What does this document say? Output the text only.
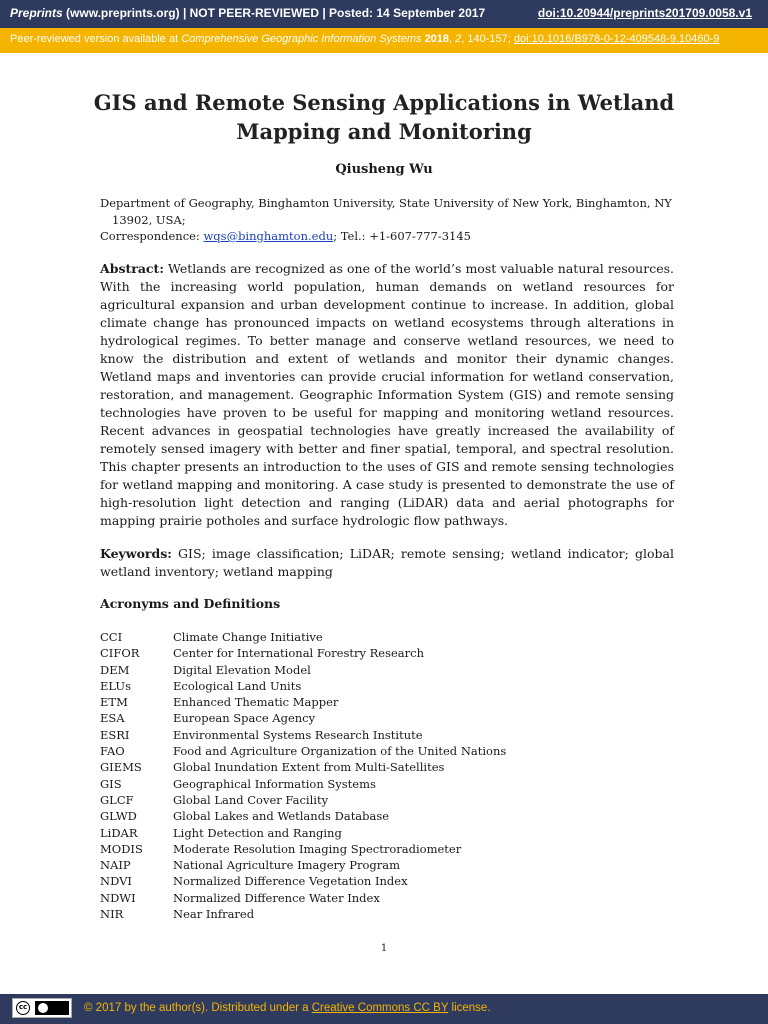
Preprints (www.preprints.org) | NOT PEER-REVIEWED | Posted: 14 September 2017	doi:10.20944/preprints201709.0058.v1
Peer-reviewed version available at Comprehensive Geographic Information Systems 2018, 2, 140-157; doi:10.1016/B978-0-12-409548-9.10460-9
GIS and Remote Sensing Applications in Wetland Mapping and Monitoring
Qiusheng Wu
Department of Geography, Binghamton University, State University of New York, Binghamton, NY
13902, USA;
Correspondence: wqs@binghamton.edu; Tel.: +1-607-777-3145
Abstract: Wetlands are recognized as one of the world’s most valuable natural resources. With the increasing world population, human demands on wetland resources for agricultural expansion and urban development continue to increase. In addition, global climate change has pronounced impacts on wetland ecosystems through alterations in hydrological regimes. To better manage and conserve wetland resources, we need to know the distribution and extent of wetlands and monitor their dynamic changes. Wetland maps and inventories can provide crucial information for wetland conservation, restoration, and management. Geographic Information System (GIS) and remote sensing technologies have proven to be useful for mapping and monitoring wetland resources. Recent advances in geospatial technologies have greatly increased the availability of remotely sensed imagery with better and finer spatial, temporal, and spectral resolution. This chapter presents an introduction to the uses of GIS and remote sensing technologies for wetland mapping and monitoring. A case study is presented to demonstrate the use of high-resolution light detection and ranging (LiDAR) data and aerial photographs for mapping prairie potholes and surface hydrologic flow pathways.
Keywords: GIS; image classification; LiDAR; remote sensing; wetland indicator; global wetland inventory; wetland mapping
Acronyms and Definitions
CCI	Climate Change Initiative
CIFOR	Center for International Forestry Research
DEM	Digital Elevation Model
ELUs	Ecological Land Units
ETM	Enhanced Thematic Mapper
ESA	European Space Agency
ESRI	Environmental Systems Research Institute
FAO	Food and Agriculture Organization of the United Nations
GIEMS	Global Inundation Extent from Multi-Satellites
GIS	Geographical Information Systems
GLCF	Global Land Cover Facility
GLWD	Global Lakes and Wetlands Database
LiDAR	Light Detection and Ranging
MODIS	Moderate Resolution Imaging Spectroradiometer
NAIP	National Agriculture Imagery Program
NDVI	Normalized Difference Vegetation Index
NDWI	Normalized Difference Water Index
NIR	Near Infrared
1
cc	© 2017 by the author(s). Distributed under a Creative Commons CC BY license.
